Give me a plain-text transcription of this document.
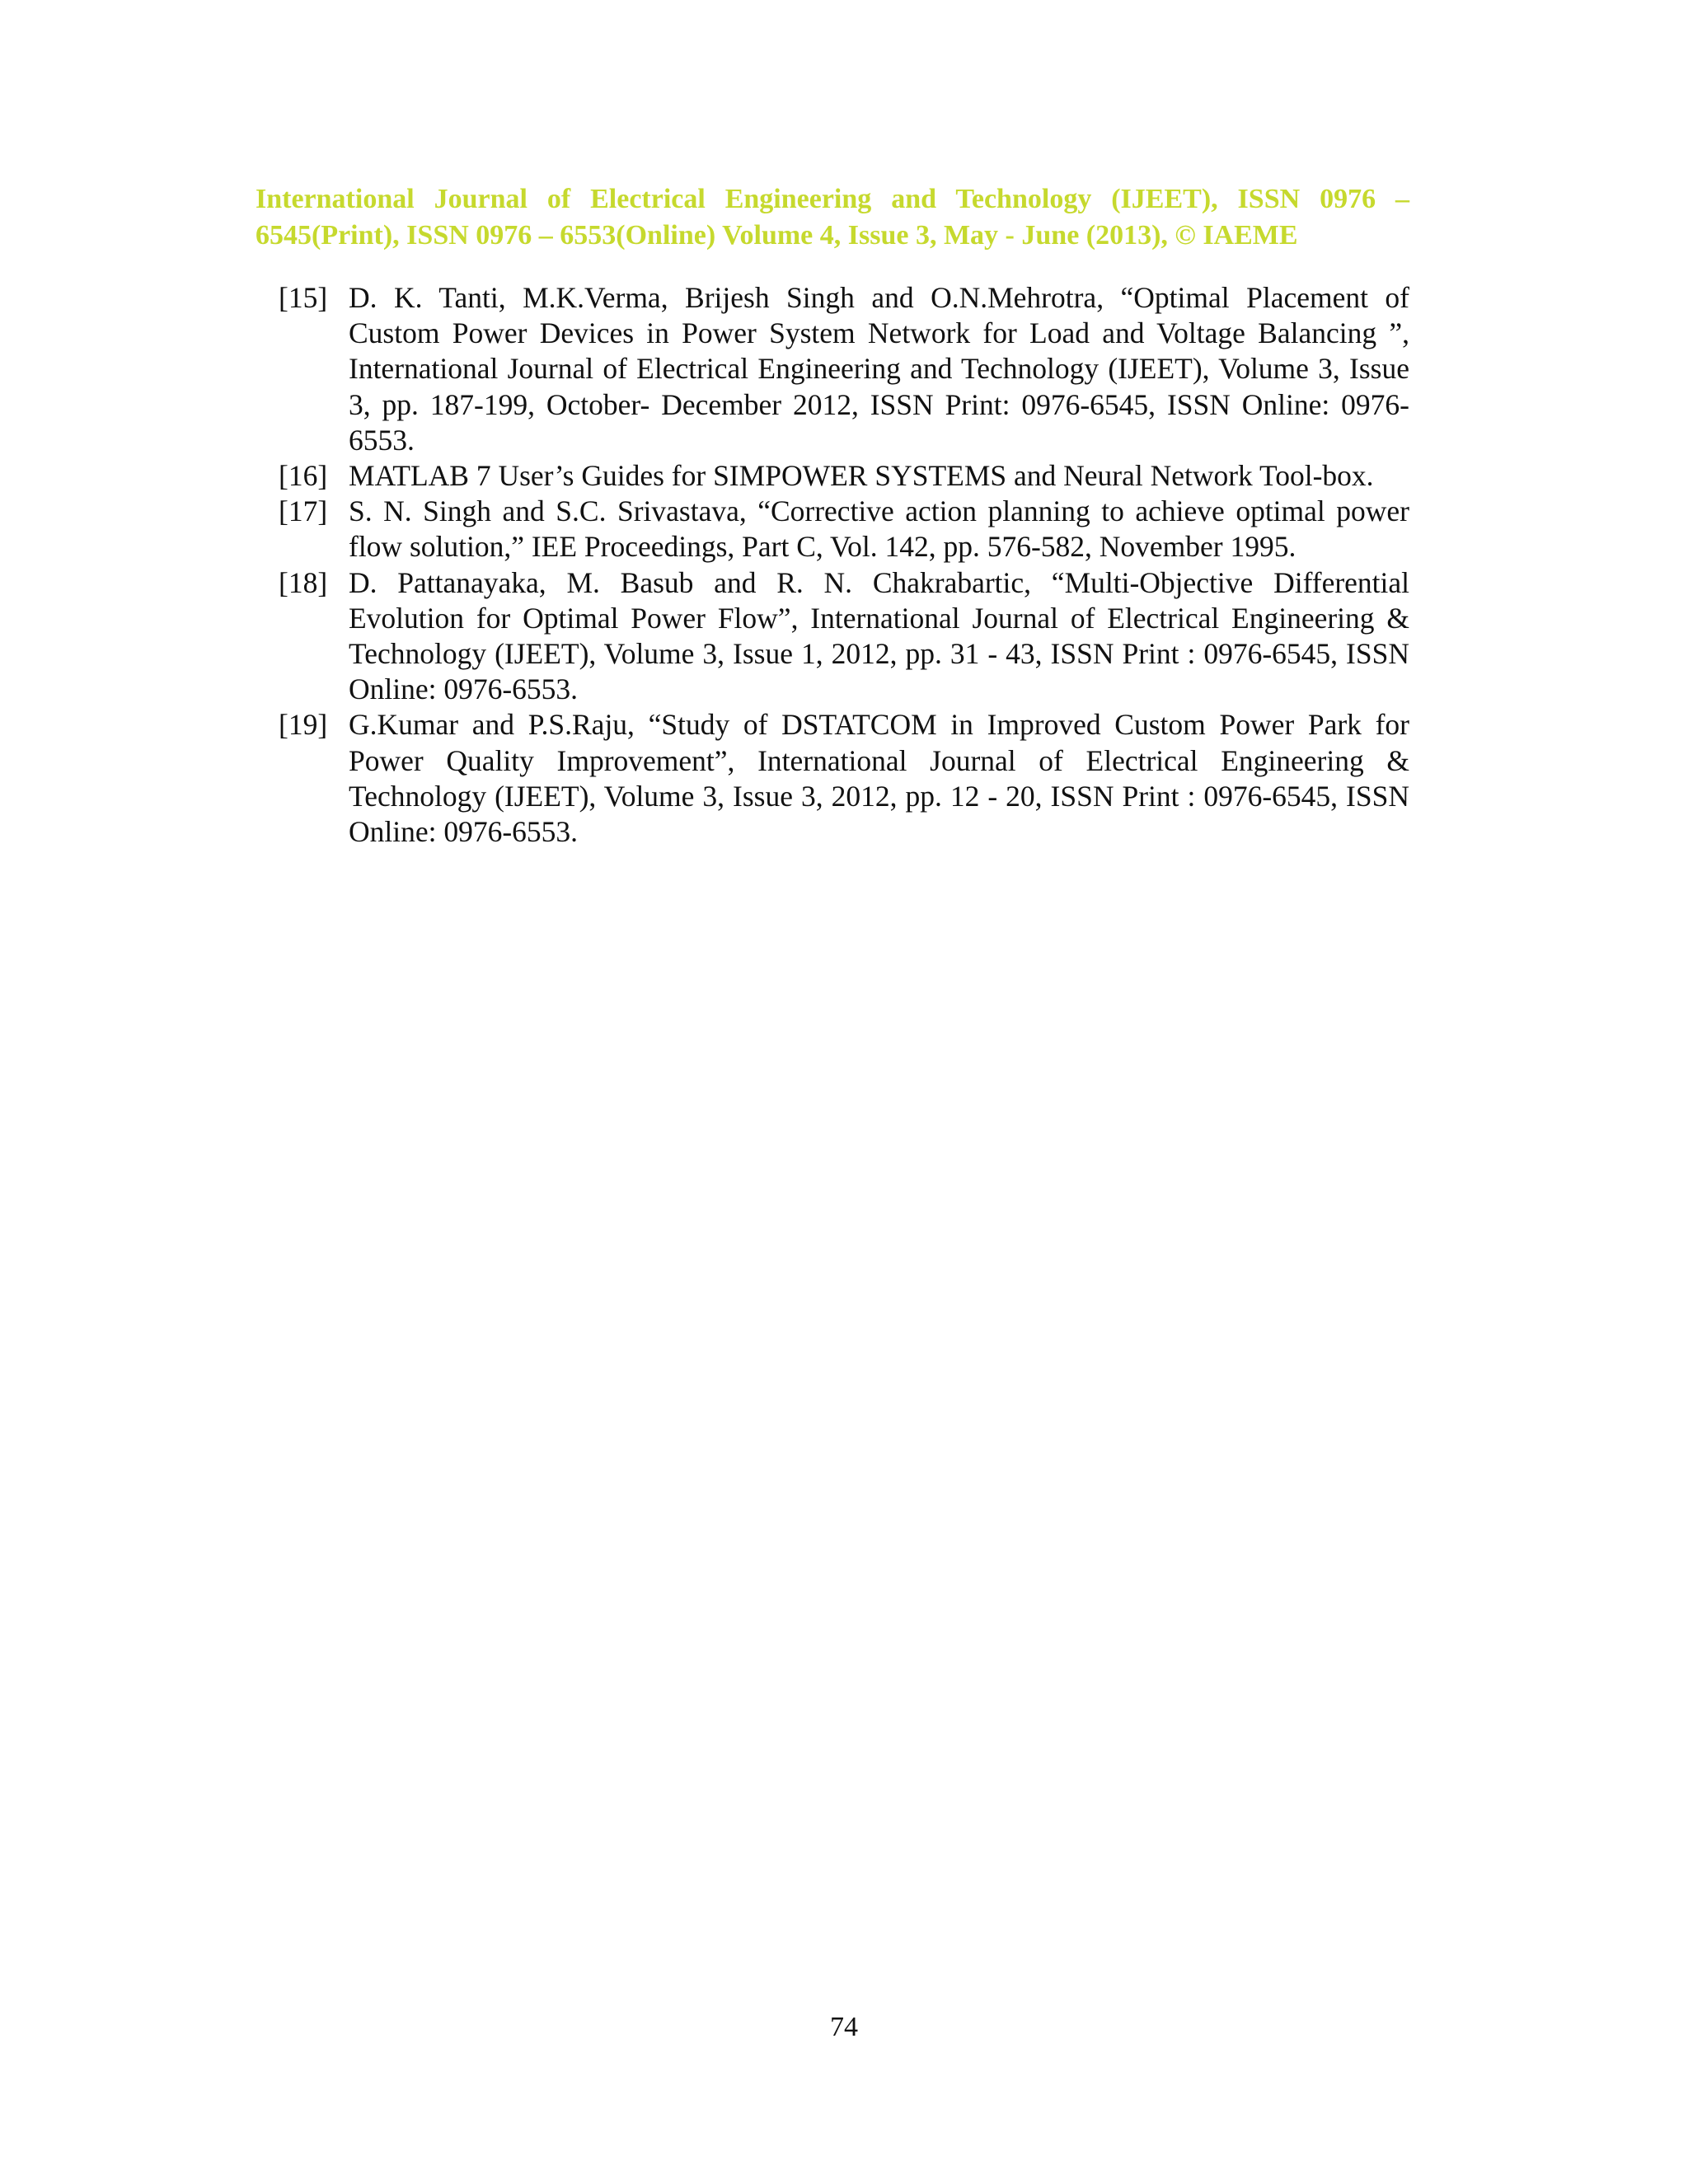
International Journal of Electrical Engineering and Technology (IJEET), ISSN 0976 –
6545(Print), ISSN 0976 – 6553(Online) Volume 4, Issue 3, May - June (2013), © IAEME

[15] D. K. Tanti, M.K.Verma, Brijesh Singh and O.N.Mehrotra, “Optimal Placement of Custom Power Devices in Power System Network for Load and Voltage Balancing ”, International Journal of Electrical Engineering and Technology (IJEET), Volume 3, Issue 3, pp. 187-199, October- December 2012, ISSN Print: 0976-6545, ISSN Online: 0976-6553.

[16] MATLAB 7 User’s Guides for SIMPOWER SYSTEMS and Neural Network Tool-box.

[17] S. N. Singh and S.C. Srivastava, “Corrective action planning to achieve optimal power flow solution,” IEE Proceedings, Part C, Vol. 142, pp. 576-582, November 1995.

[18] D. Pattanayaka, M. Basub and R. N. Chakrabartic, “Multi-Objective Differential Evolution for Optimal Power Flow”, International Journal of Electrical Engineering & Technology (IJEET), Volume 3, Issue 1, 2012, pp. 31 - 43, ISSN Print : 0976-6545, ISSN Online: 0976-6553.

[19] G.Kumar and P.S.Raju, “Study of DSTATCOM in Improved Custom Power Park for Power Quality Improvement”, International Journal of Electrical Engineering & Technology (IJEET), Volume 3, Issue 3, 2012, pp. 12 - 20, ISSN Print : 0976-6545, ISSN Online: 0976-6553.

74
